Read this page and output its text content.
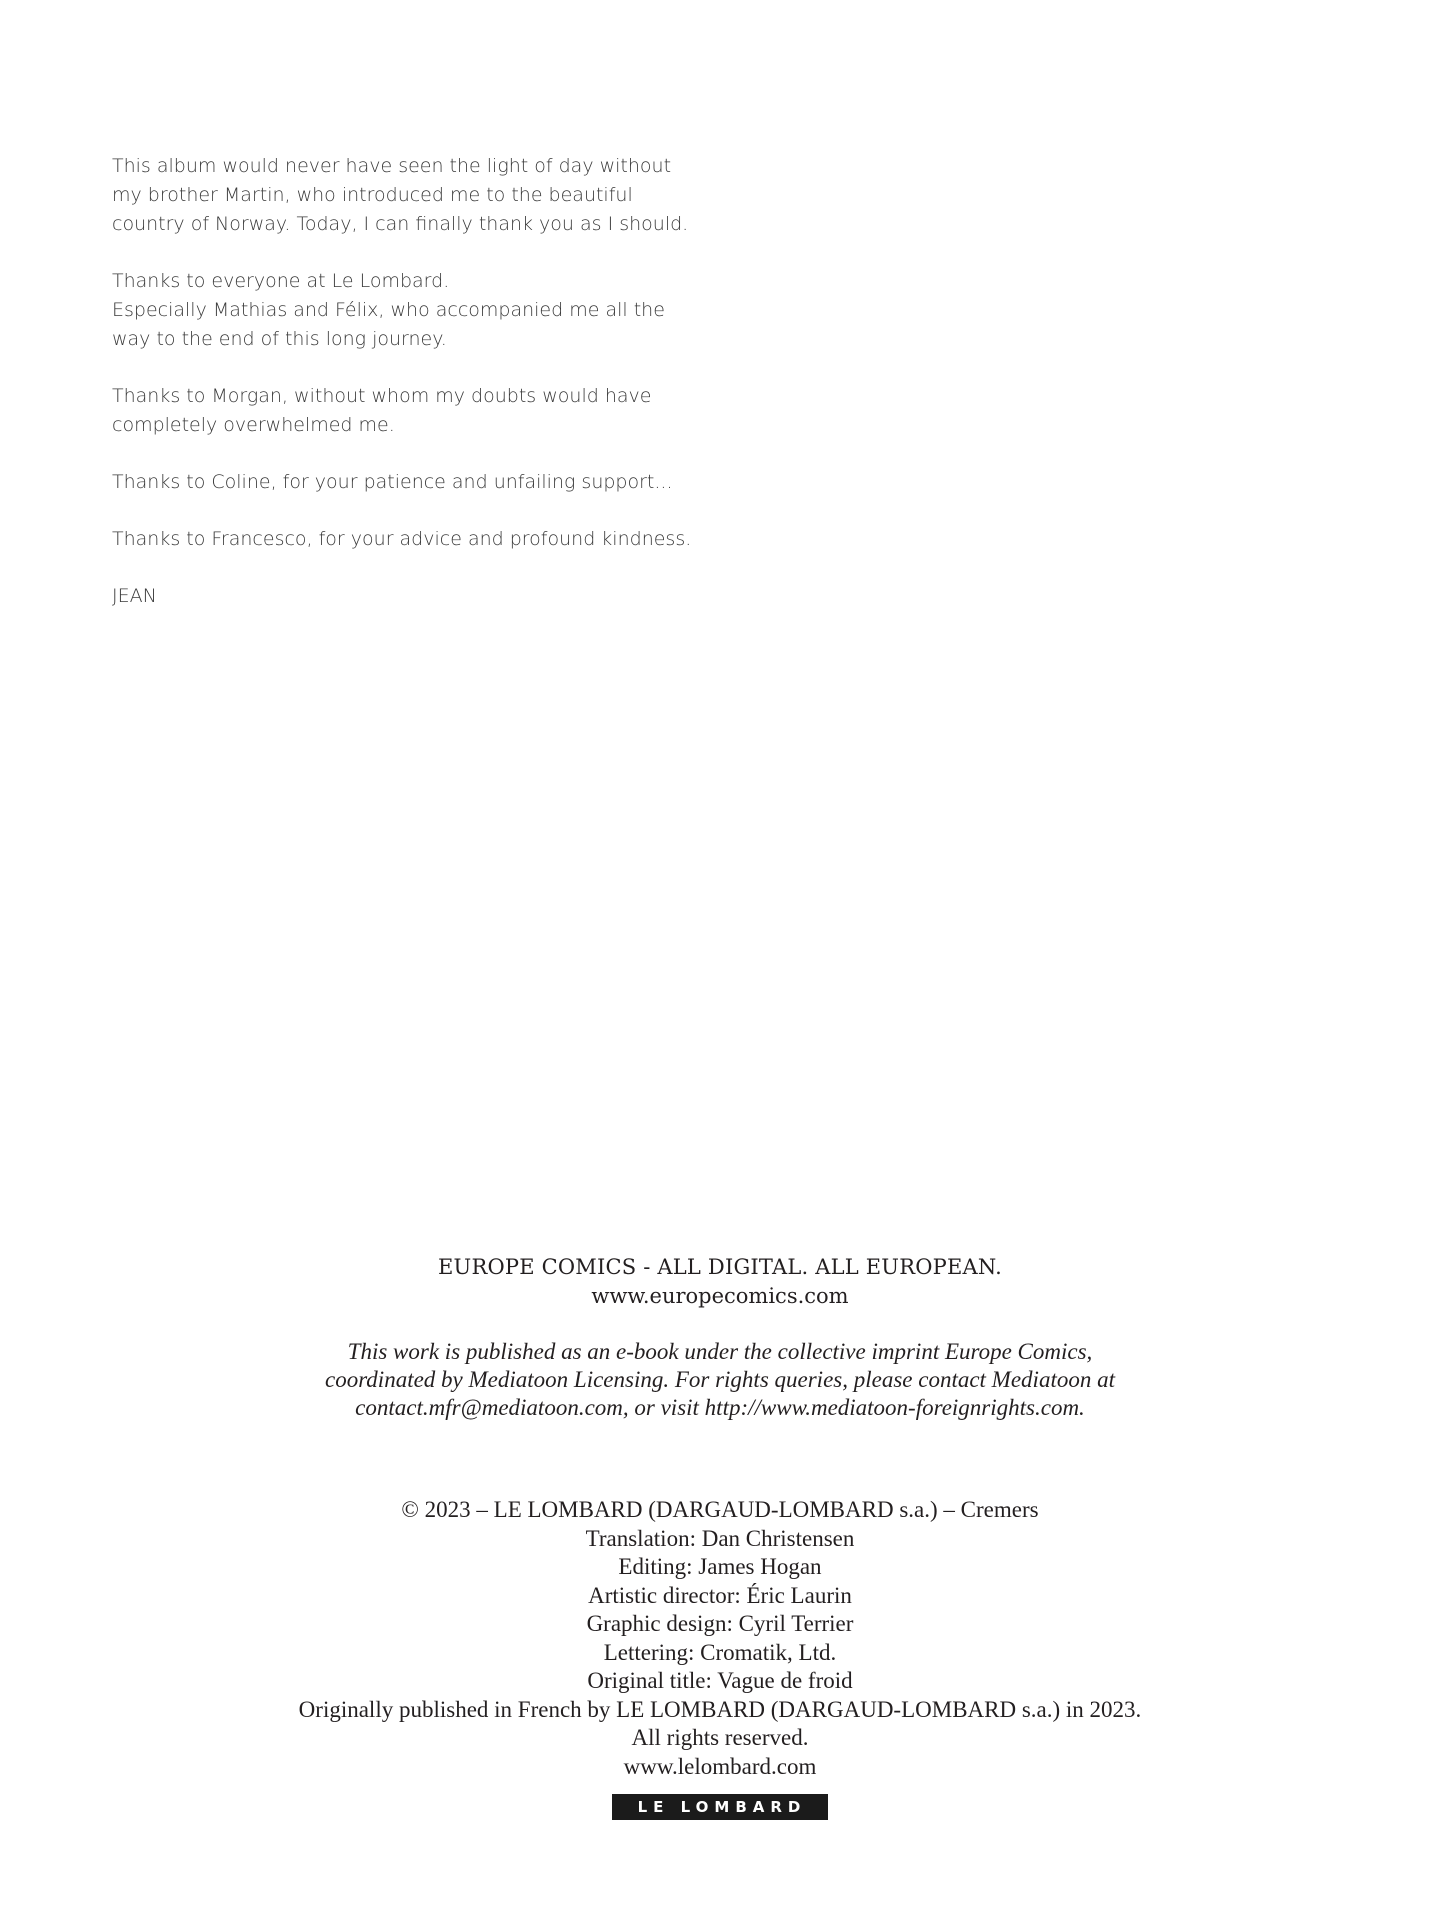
This album would never have seen the light of day without
my brother Martin, who introduced me to the beautiful
country of Norway. Today, I can finally thank you as I should.

Thanks to everyone at Le Lombard.
Especially Mathias and Félix, who accompanied me all the
way to the end of this long journey.

Thanks to Morgan, without whom my doubts would have
completely overwhelmed me.

Thanks to Coline, for your patience and unfailing support...

Thanks to Francesco, for your advice and profound kindness.

JEAN

EUROPE COMICS - ALL DIGITAL. ALL EUROPEAN.
www.europecomics.com
This work is published as an e-book under the collective imprint Europe Comics,
coordinated by Mediatoon Licensing. For rights queries, please contact Mediatoon at
contact.mfr@mediatoon.com, or visit http://www.mediatoon-foreignrights.com.
© 2023 – LE LOMBARD (DARGAUD-LOMBARD s.a.) – Cremers
Translation: Dan Christensen
Editing: James Hogan
Artistic director: Éric Laurin
Graphic design: Cyril Terrier
Lettering: Cromatik, Ltd.
Original title: Vague de froid
Originally published in French by LE LOMBARD (DARGAUD-LOMBARD s.a.) in 2023.
All rights reserved.
www.lelombard.com
LE LOMBARD
